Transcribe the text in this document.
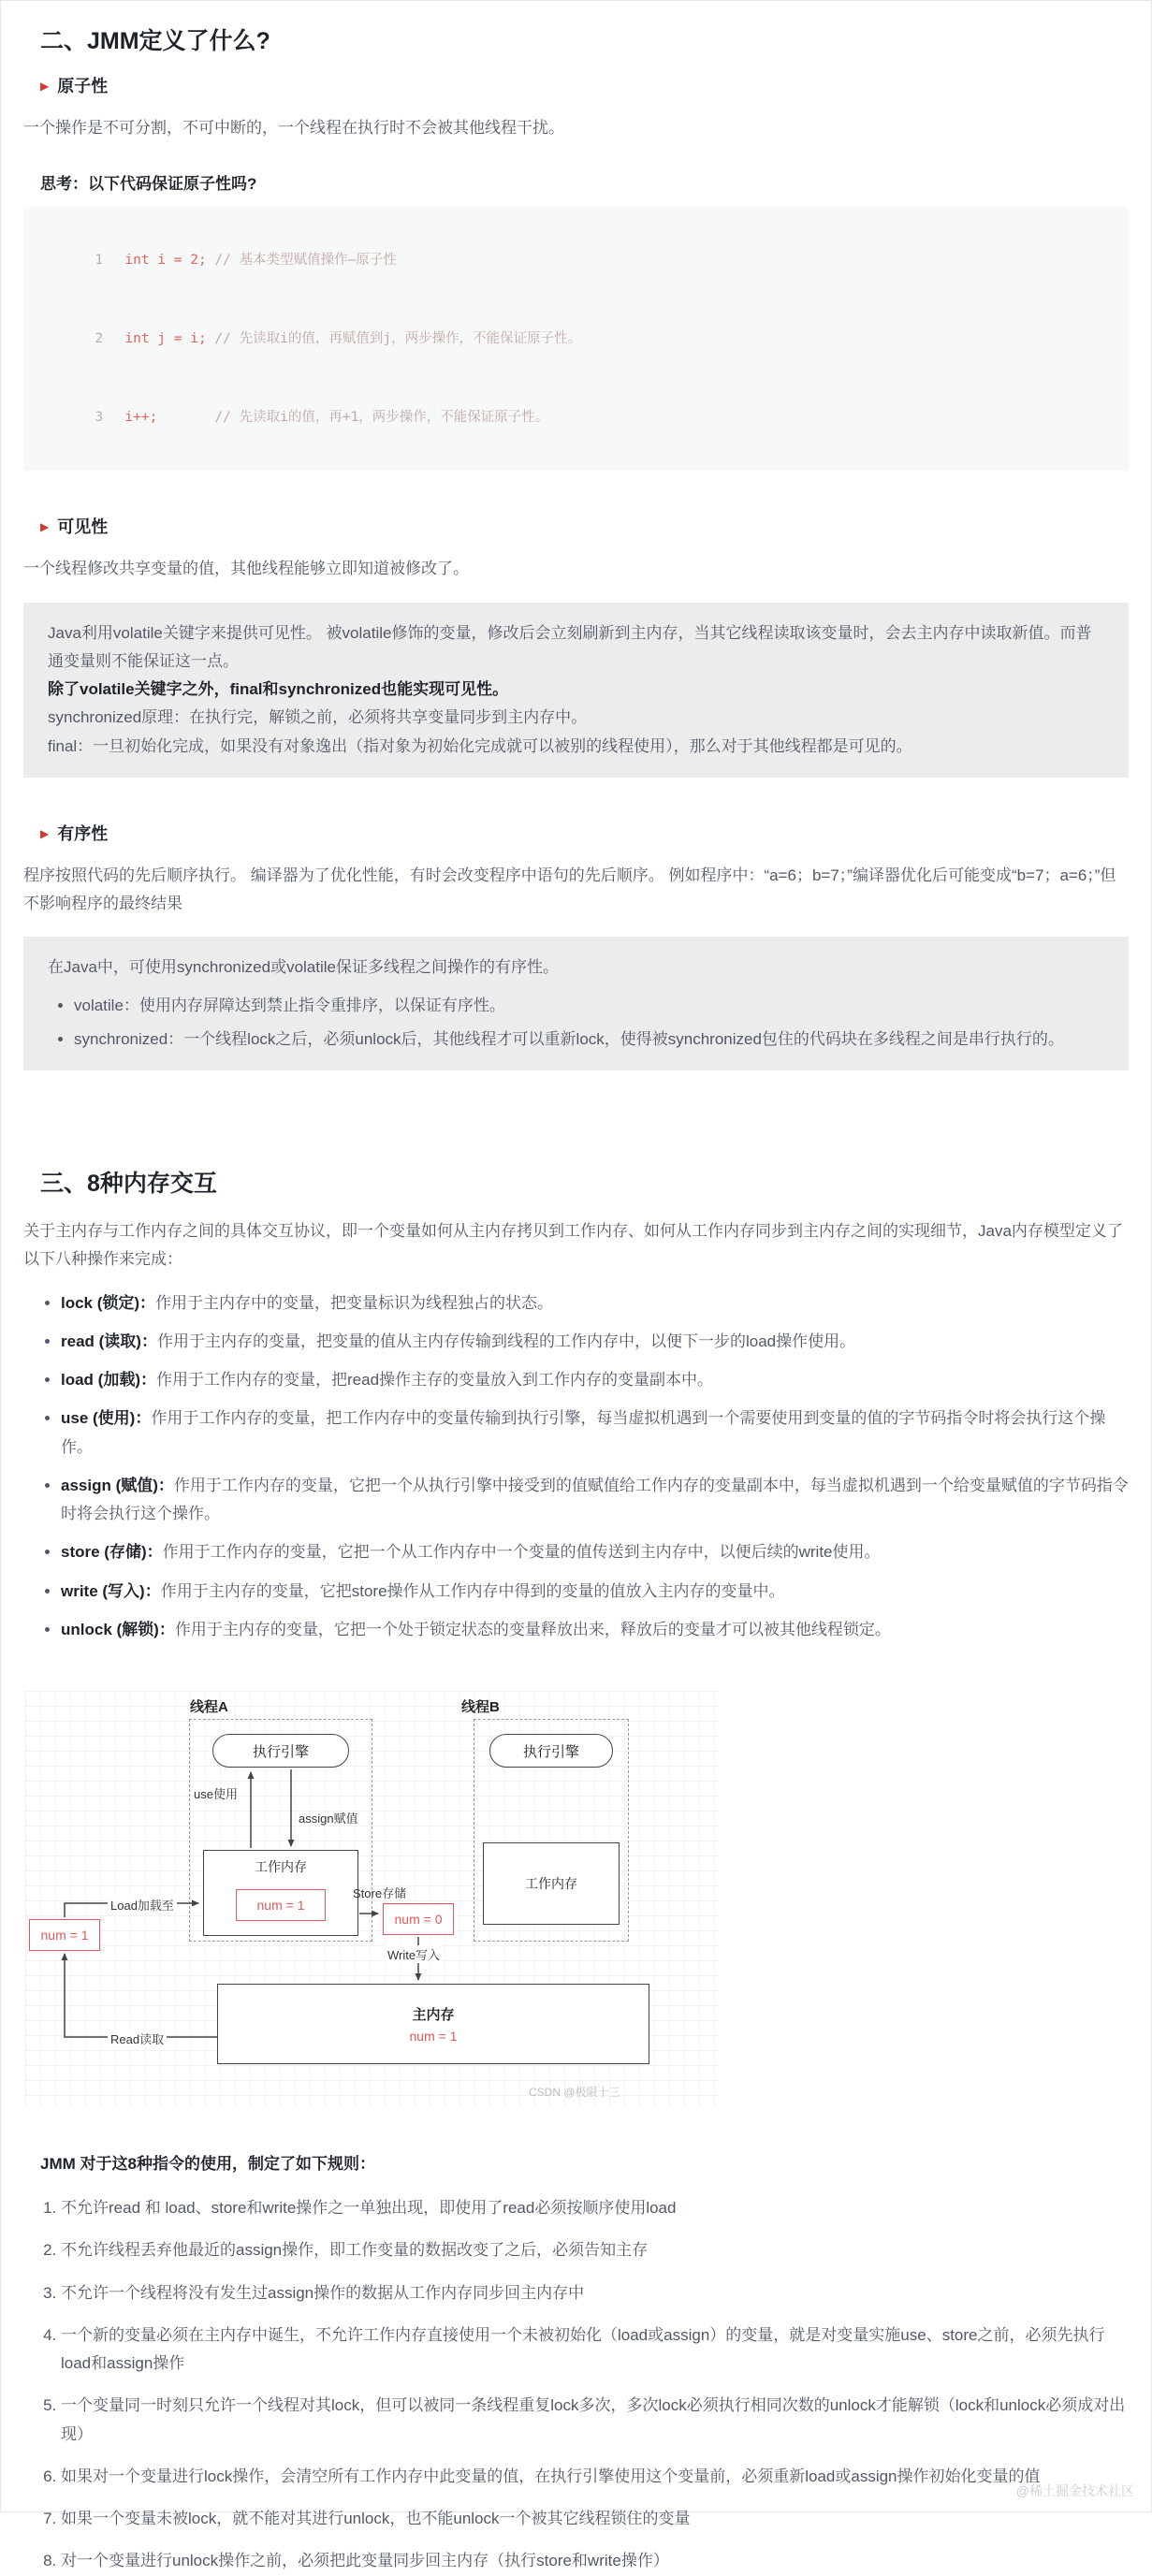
二、JMM定义了什么?
▶ 原子性

一个操作是不可分割，不可中断的，一个线程在执行时不会被其他线程干扰。

思考：以下代码保证原子性吗?

1 int i = 2; // 基本类型赋值操作—原子性

2 int j = i; // 先读取i的值，再赋值到j，两步操作，不能保证原子性。

3 i++;       // 先读取i的值，再+1，两步操作，不能保证原子性。

▶ 可见性

一个线程修改共享变量的值，其他线程能够立即知道被修改了。

Java利用volatile关键字来提供可见性。 被volatile修饰的变量，修改后会立刻刷新到主内存，当其它线程读取该变量时，会去主内存中读取新值。而普通变量则不能保证这一点。

除了volatile关键字之外，final和synchronized也能实现可见性。

synchronized原理：在执行完，解锁之前，必须将共享变量同步到主内存中。

final：一旦初始化完成，如果没有对象逸出（指对象为初始化完成就可以被别的线程使用），那么对于其他线程都是可见的。

▶ 有序性

程序按照代码的先后顺序执行。 编译器为了优化性能，有时会改变程序中语句的先后顺序。 例如程序中：“a=6；b=7；”编译器优化后可能变成“b=7；a=6；”但不影响程序的最终结果

在Java中，可使用synchronized或volatile保证多线程之间操作的有序性。

• volatile：使用内存屏障达到禁止指令重排序，以保证有序性。
• synchronized：一个线程lock之后，必须unlock后，其他线程才可以重新lock，使得被synchronized包住的代码块在多线程之间是串行执行的。
三、8种内存交互

关于主内存与工作内存之间的具体交互协议，即一个变量如何从主内存拷贝到工作内存、如何从工作内存同步到主内存之间的实现细节，Java内存模型定义了以下八种操作来完成：

• lock (锁定)：作用于主内存中的变量，把变量标识为线程独占的状态。
• read (读取)：作用于主内存的变量，把变量的值从主内存传输到线程的工作内存中，以便下一步的load操作使用。
• load (加载)：作用于工作内存的变量，把read操作主存的变量放入到工作内存的变量副本中。
• use (使用)：作用于工作内存的变量，把工作内存中的变量传输到执行引擎，每当虚拟机遇到一个需要使用到变量的值的字节码指令时将会执行这个操作。
• assign (赋值)：作用于工作内存的变量，它把一个从执行引擎中接受到的值赋值给工作内存的变量副本中，每当虚拟机遇到一个给变量赋值的字节码指令时将会执行这个操作。
• store (存储)：作用于工作内存的变量，它把一个从工作内存中一个变量的值传送到主内存中，以便后续的write使用。
• write (写入)：作用于主内存的变量，它把store操作从工作内存中得到的变量的值放入主内存的变量中。
• unlock (解锁)：作用于主内存的变量，它把一个处于锁定状态的变量释放出来，释放后的变量才可以被其他线程锁定。
线程A	线程B
执行引擎	执行引擎
use使用
assign赋值
工作内存
num = 1
工作内存
num = 1
num = 0
Load加载至
Store存储
Write写入
Read读取
主内存
num = 1
CSDN @极限十三
JMM 对于这8种指令的使用，制定了如下规则：
1. 不允许read 和 load、store和write操作之一单独出现，即使用了read必须按顺序使用load
2. 不允许线程丢弃他最近的assign操作，即工作变量的数据改变了之后，必须告知主存
3. 不允许一个线程将没有发生过assign操作的数据从工作内存同步回主内存中
4. 一个新的变量必须在主内存中诞生，不允许工作内存直接使用一个未被初始化（load或assign）的变量，就是对变量实施use、store之前，必须先执行load和assign操作
5. 一个变量同一时刻只允许一个线程对其lock，但可以被同一条线程重复lock多次，多次lock必须执行相同次数的unlock才能解锁（lock和unlock必须成对出现）
6. 如果对一个变量进行lock操作，会清空所有工作内存中此变量的值，在执行引擎使用这个变量前，必须重新load或assign操作初始化变量的值
7. 如果一个变量未被lock，就不能对其进行unlock，也不能unlock一个被其它线程锁住的变量
8. 对一个变量进行unlock操作之前，必须把此变量同步回主内存（执行store和write操作）
@稀土掘金技术社区
